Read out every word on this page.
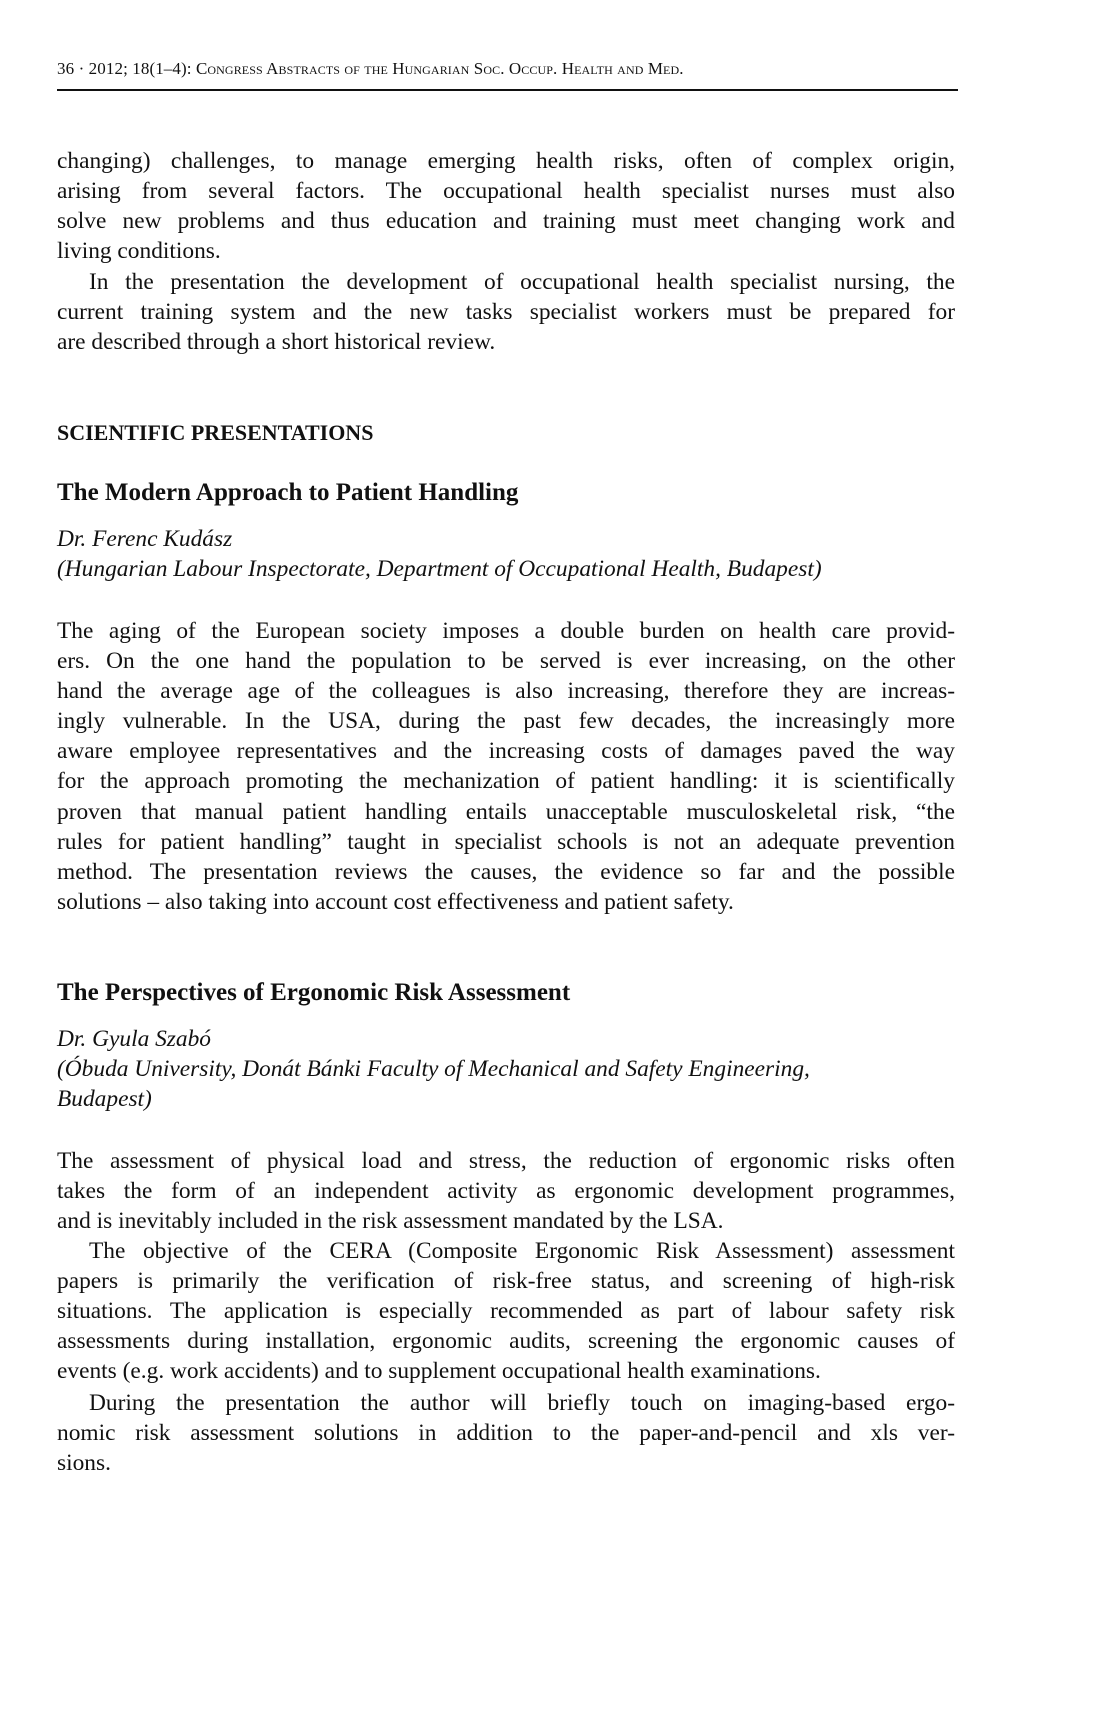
36 · 2012; 18(1–4): Congress Abstracts of the Hungarian Soc. Occup. Health and Med.
changing) challenges, to manage emerging health risks, often of complex origin,
arising from several factors. The occupational health specialist nurses must also
solve new problems and thus education and training must meet changing work and
living conditions.
In the presentation the development of occupational health specialist nursing, the
current training system and the new tasks specialist workers must be prepared for
are described through a short historical review.
SCIENTIFIC PRESENTATIONS
The Modern Approach to Patient Handling
Dr. Ferenc Kudász
(Hungarian Labour Inspectorate, Department of Occupational Health, Budapest)
The aging of the European society imposes a double burden on health care provid-
ers. On the one hand the population to be served is ever increasing, on the other
hand the average age of the colleagues is also increasing, therefore they are increas-
ingly vulnerable. In the USA, during the past few decades, the increasingly more
aware employee representatives and the increasing costs of damages paved the way
for the approach promoting the mechanization of patient handling: it is scientifically
proven that manual patient handling entails unacceptable musculoskeletal risk, “the
rules for patient handling” taught in specialist schools is not an adequate prevention
method. The presentation reviews the causes, the evidence so far and the possible
solutions – also taking into account cost effectiveness and patient safety.
The Perspectives of Ergonomic Risk Assessment
Dr. Gyula Szabó
(Óbuda University, Donát Bánki Faculty of Mechanical and Safety Engineering,
Budapest)
The assessment of physical load and stress, the reduction of ergonomic risks often
takes the form of an independent activity as ergonomic development programmes,
and is inevitably included in the risk assessment mandated by the LSA.
The objective of the CERA (Composite Ergonomic Risk Assessment) assessment
papers is primarily the verification of risk-free status, and screening of high-risk
situations. The application is especially recommended as part of labour safety risk
assessments during installation, ergonomic audits, screening the ergonomic causes of
events (e.g. work accidents) and to supplement occupational health examinations.
During the presentation the author will briefly touch on imaging-based ergo-
nomic risk assessment solutions in addition to the paper-and-pencil and xls ver-
sions.
